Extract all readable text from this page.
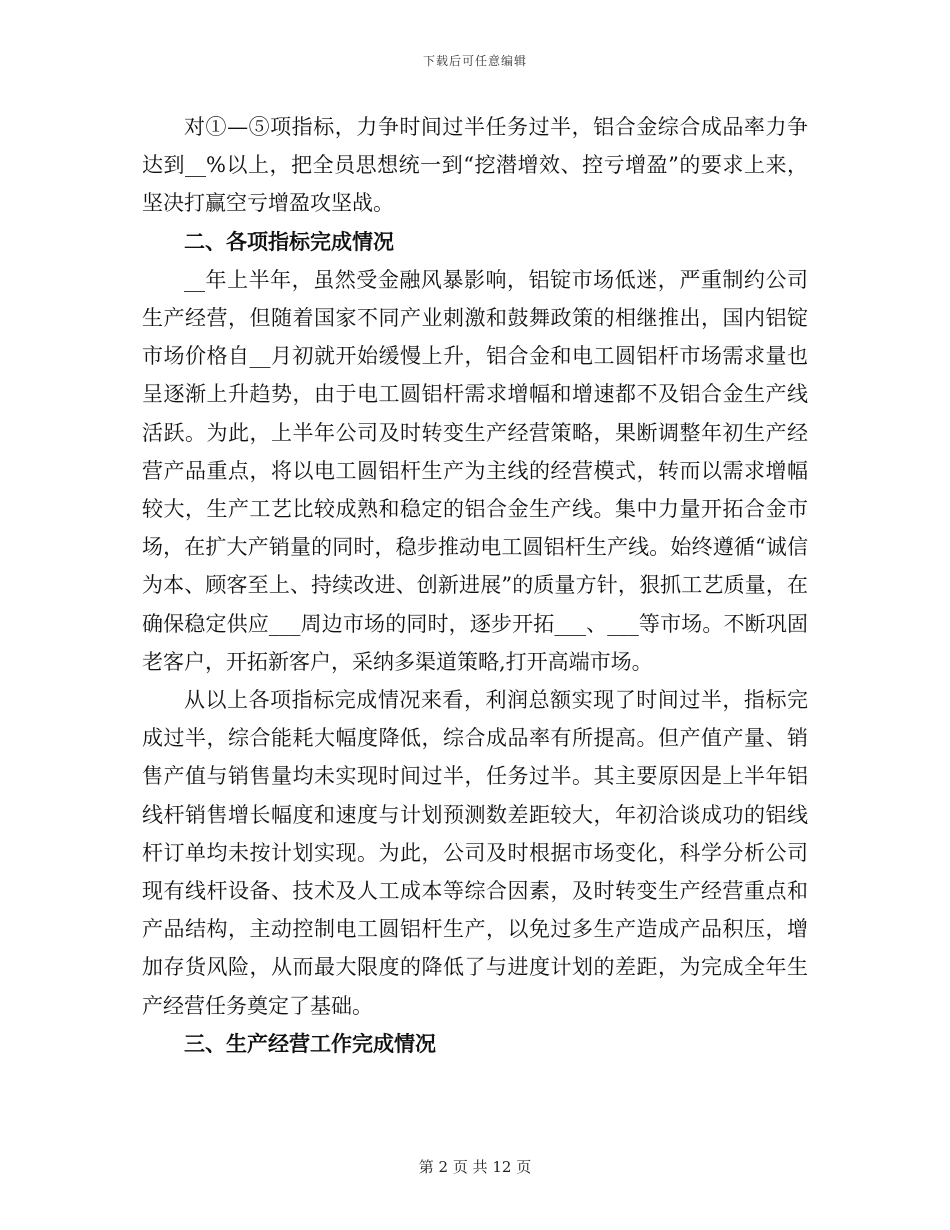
下载后可任意编辑

对①—⑤项指标，力争时间过半任务过半，铝合金综合成品率力争达到__%以上，把全员思想统一到“挖潜增效、控亏增盈”的要求上来，坚决打赢空亏增盈攻坚战。

二、各项指标完成情况

__年上半年，虽然受金融风暴影响，铝锭市场低迷，严重制约公司生产经营，但随着国家不同产业刺激和鼓舞政策的相继推出，国内铝锭市场价格自__月初就开始缓慢上升，铝合金和电工圆铝杆市场需求量也呈逐渐上升趋势，由于电工圆铝杆需求增幅和增速都不及铝合金生产线活跃。为此，上半年公司及时转变生产经营策略，果断调整年初生产经营产品重点，将以电工圆铝杆生产为主线的经营模式，转而以需求增幅较大，生产工艺比较成熟和稳定的铝合金生产线。集中力量开拓合金市场，在扩大产销量的同时，稳步推动电工圆铝杆生产线。始终遵循“诚信为本、顾客至上、持续改进、创新进展”的质量方针，狠抓工艺质量，在确保稳定供应___周边市场的同时，逐步开拓___、___等市场。不断巩固老客户，开拓新客户，采纳多渠道策略,打开高端市场。

从以上各项指标完成情况来看，利润总额实现了时间过半，指标完成过半，综合能耗大幅度降低，综合成品率有所提高。但产值产量、销售产值与销售量均未实现时间过半，任务过半。其主要原因是上半年铝线杆销售增长幅度和速度与计划预测数差距较大，年初洽谈成功的铝线杆订单均未按计划实现。为此，公司及时根据市场变化，科学分析公司现有线杆设备、技术及人工成本等综合因素，及时转变生产经营重点和产品结构，主动控制电工圆铝杆生产，以免过多生产造成产品积压，增加存货风险，从而最大限度的降低了与进度计划的差距，为完成全年生产经营任务奠定了基础。

三、生产经营工作完成情况

第 2 页 共 12 页
